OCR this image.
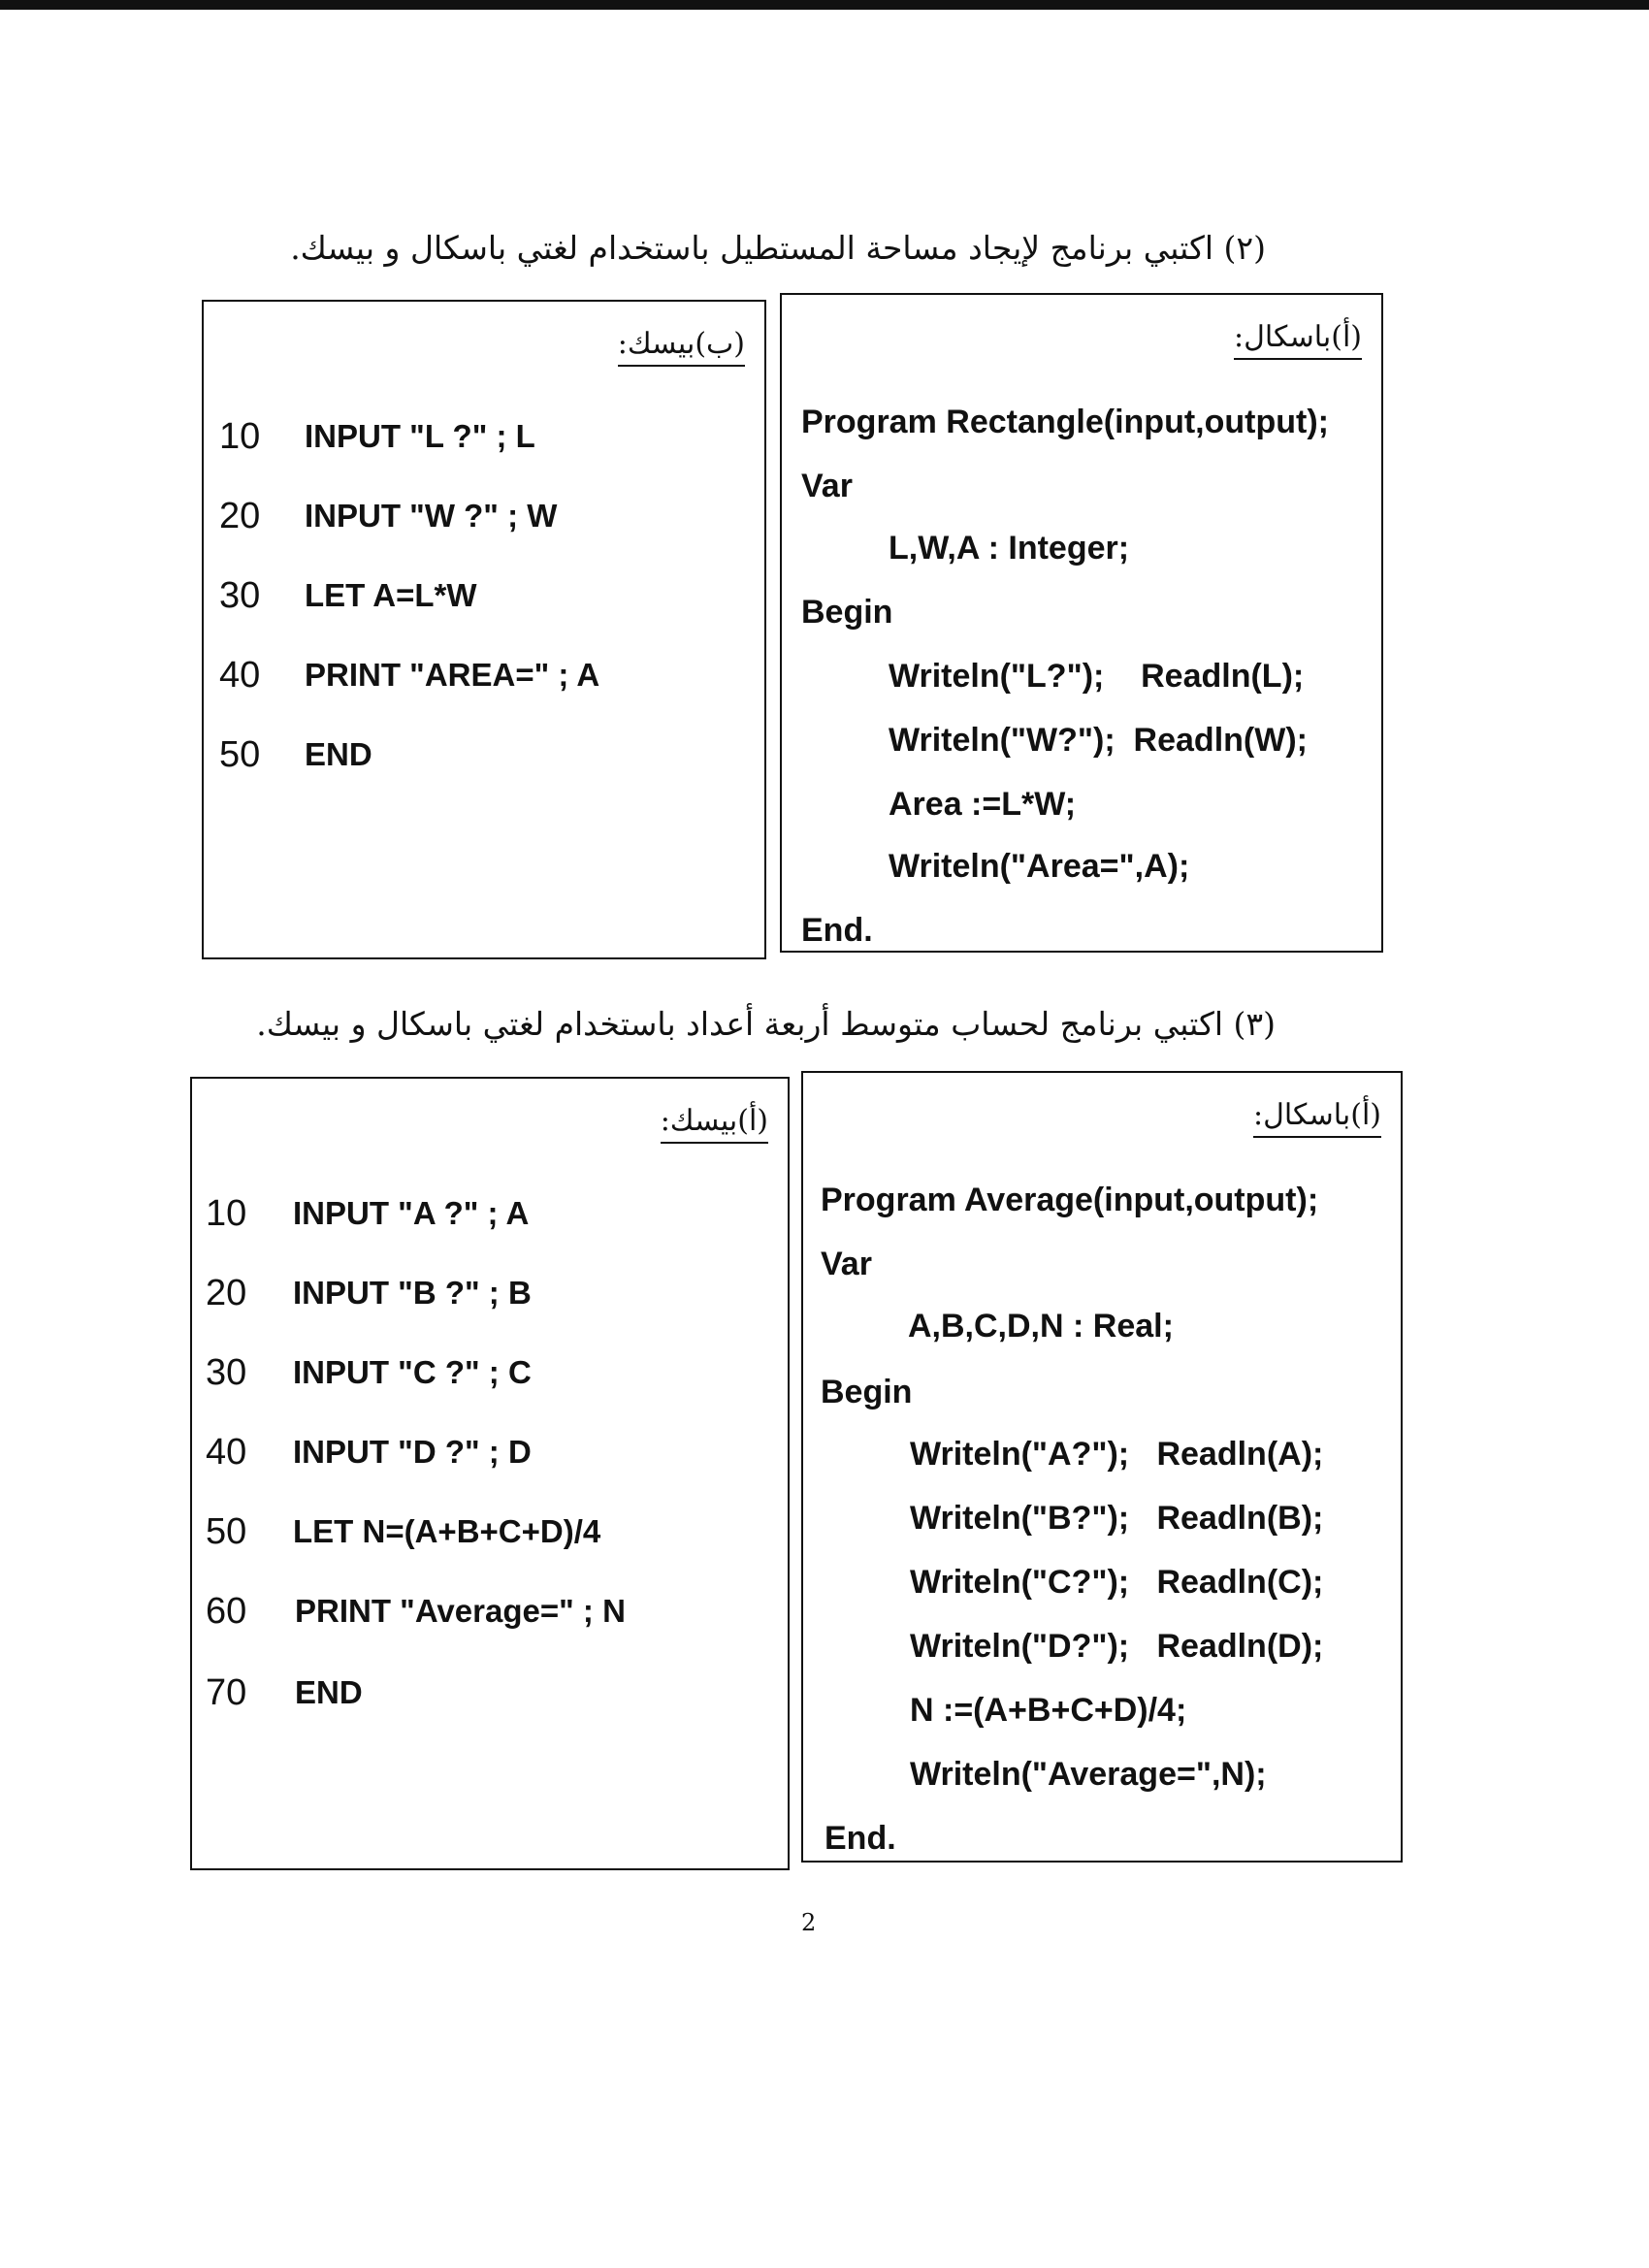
(٢) اكتبي برنامج لإيجاد مساحة المستطيل باستخدام لغتي باسكال و بيسك.
(ب)بيسك:
10 INPUT "L ?" ; L
20 INPUT "W ?" ; W
30 LET A=L*W
40 PRINT "AREA=" ; A
50 END
(أ)باسكال:
Program Rectangle(input,output);
Var
L,W,A : Integer;
Begin
Writeln("L?");    Readln(L);
Writeln("W?");  Readln(W);
Area :=L*W;
Writeln("Area=",A);
End.
(٣) اكتبي برنامج لحساب متوسط أربعة أعداد باستخدام لغتي باسكال و بيسك.
(أ)بيسك:
10 INPUT "A ?" ; A
20 INPUT "B ?" ; B
30 INPUT "C ?" ; C
40 INPUT "D ?" ; D
50 LET N=(A+B+C+D)/4
60 PRINT "Average=" ; N
70 END
(أ)باسكال:
Program Average(input,output);
Var
A,B,C,D,N : Real;
Begin
Writeln("A?");   Readln(A);
Writeln("B?");   Readln(B);
Writeln("C?");   Readln(C);
Writeln("D?");   Readln(D);
N :=(A+B+C+D)/4;
Writeln("Average=",N);
End.
2
